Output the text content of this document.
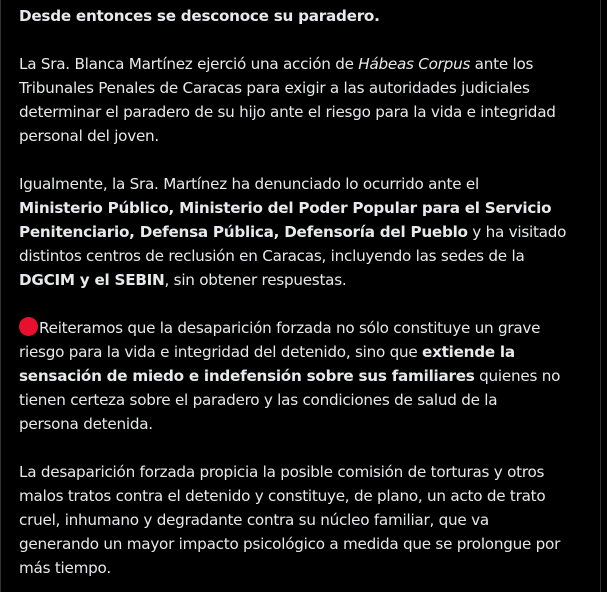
Desde entonces se desconoce su paradero.
La Sra. Blanca Martínez ejerció una acción de Hábeas Corpus ante los
Tribunales Penales de Caracas para exigir a las autoridades judiciales
determinar el paradero de su hijo ante el riesgo para la vida e integridad
personal del joven.
Igualmente, la Sra. Martínez ha denunciado lo ocurrido ante el
Ministerio Público, Ministerio del Poder Popular para el Servicio
Penitenciario, Defensa Pública, Defensoría del Pueblo y ha visitado
distintos centros de reclusión en Caracas, incluyendo las sedes de la
DGCIM y el SEBIN, sin obtener respuestas.
Reiteramos que la desaparición forzada no sólo constituye un grave
riesgo para la vida e integridad del detenido, sino que extiende la
sensación de miedo e indefensión sobre sus familiares quienes no
tienen certeza sobre el paradero y las condiciones de salud de la
persona detenida.
La desaparición forzada propicia la posible comisión de torturas y otros
malos tratos contra el detenido y constituye, de plano, un acto de trato
cruel, inhumano y degradante contra su núcleo familiar, que va
generando un mayor impacto psicológico a medida que se prolongue por
más tiempo.
